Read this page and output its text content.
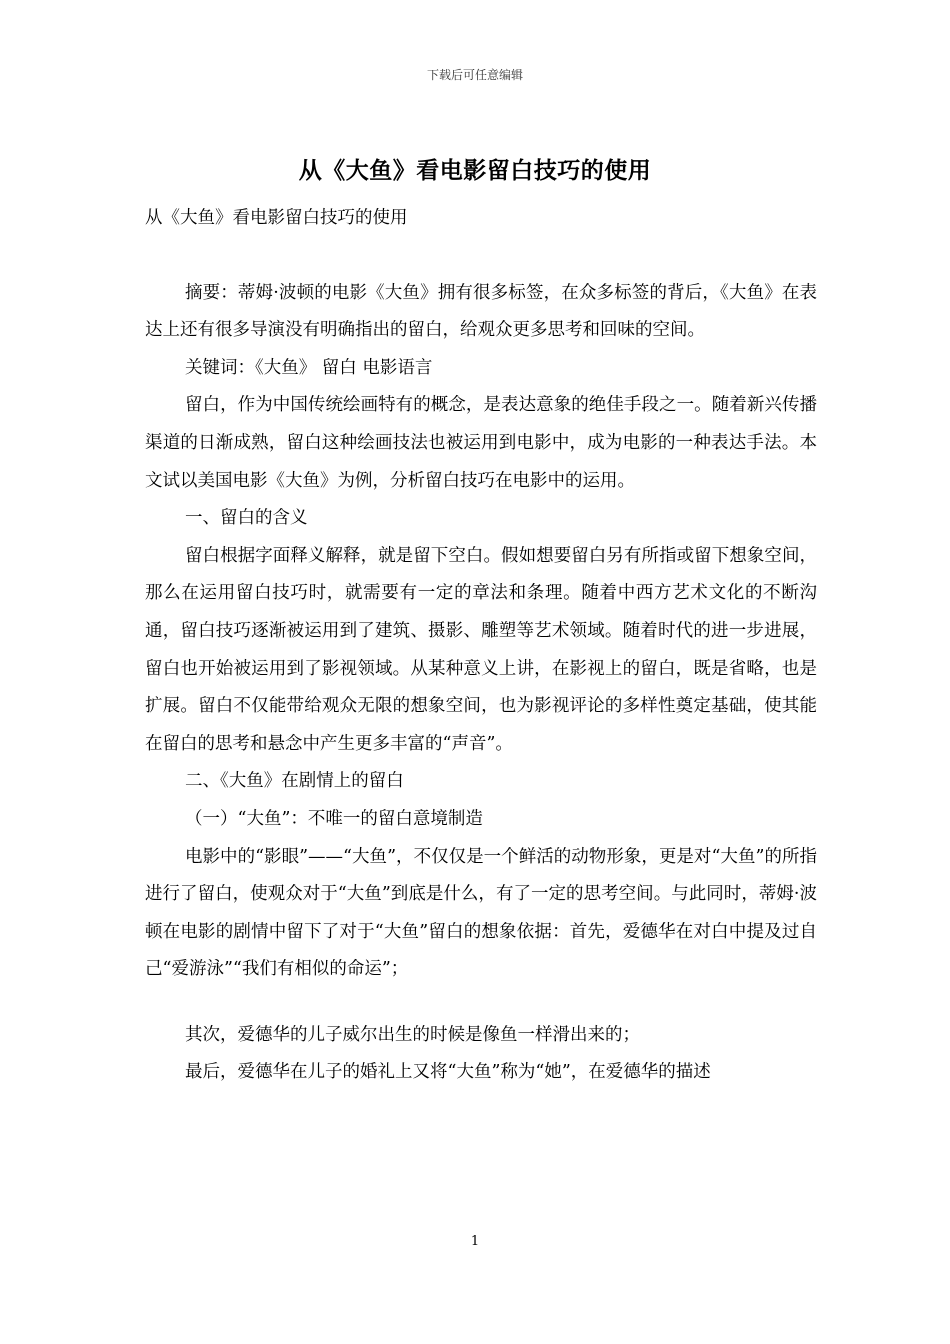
下载后可任意编辑
从《大鱼》看电影留白技巧的使用

从《大鱼》看电影留白技巧的使用

摘要：蒂姆·波顿的电影《大鱼》拥有很多标签，在众多标签的背后，《大鱼》在表达上还有很多导演没有明确指出的留白，给观众更多思考和回味的空间。

关键词：《大鱼》 留白 电影语言

留白，作为中国传统绘画特有的概念，是表达意象的绝佳手段之一。随着新兴传播渠道的日渐成熟，留白这种绘画技法也被运用到电影中，成为电影的一种表达手法。本文试以美国电影《大鱼》为例，分析留白技巧在电影中的运用。

一、留白的含义

留白根据字面释义解释，就是留下空白。假如想要留白另有所指或留下想象空间，那么在运用留白技巧时，就需要有一定的章法和条理。随着中西方艺术文化的不断沟通，留白技巧逐渐被运用到了建筑、摄影、雕塑等艺术领域。随着时代的进一步进展，留白也开始被运用到了影视领域。从某种意义上讲，在影视上的留白，既是省略，也是扩展。留白不仅能带给观众无限的想象空间，也为影视评论的多样性奠定基础，使其能在留白的思考和悬念中产生更多丰富的“声音”。

二、《大鱼》在剧情上的留白

（一）“大鱼”：不唯一的留白意境制造

电影中的“影眼”——“大鱼”，不仅仅是一个鲜活的动物形象，更是对“大鱼”的所指进行了留白，使观众对于“大鱼”到底是什么，有了一定的思考空间。与此同时，蒂姆·波顿在电影的剧情中留下了对于“大鱼”留白的想象依据：首先，爱德华在对白中提及过自己“爱游泳”“我们有相似的命运”；

其次，爱德华的儿子威尔出生的时候是像鱼一样滑出来的；

最后，爱德华在儿子的婚礼上又将“大鱼”称为“她”，在爱德华的描述

1
